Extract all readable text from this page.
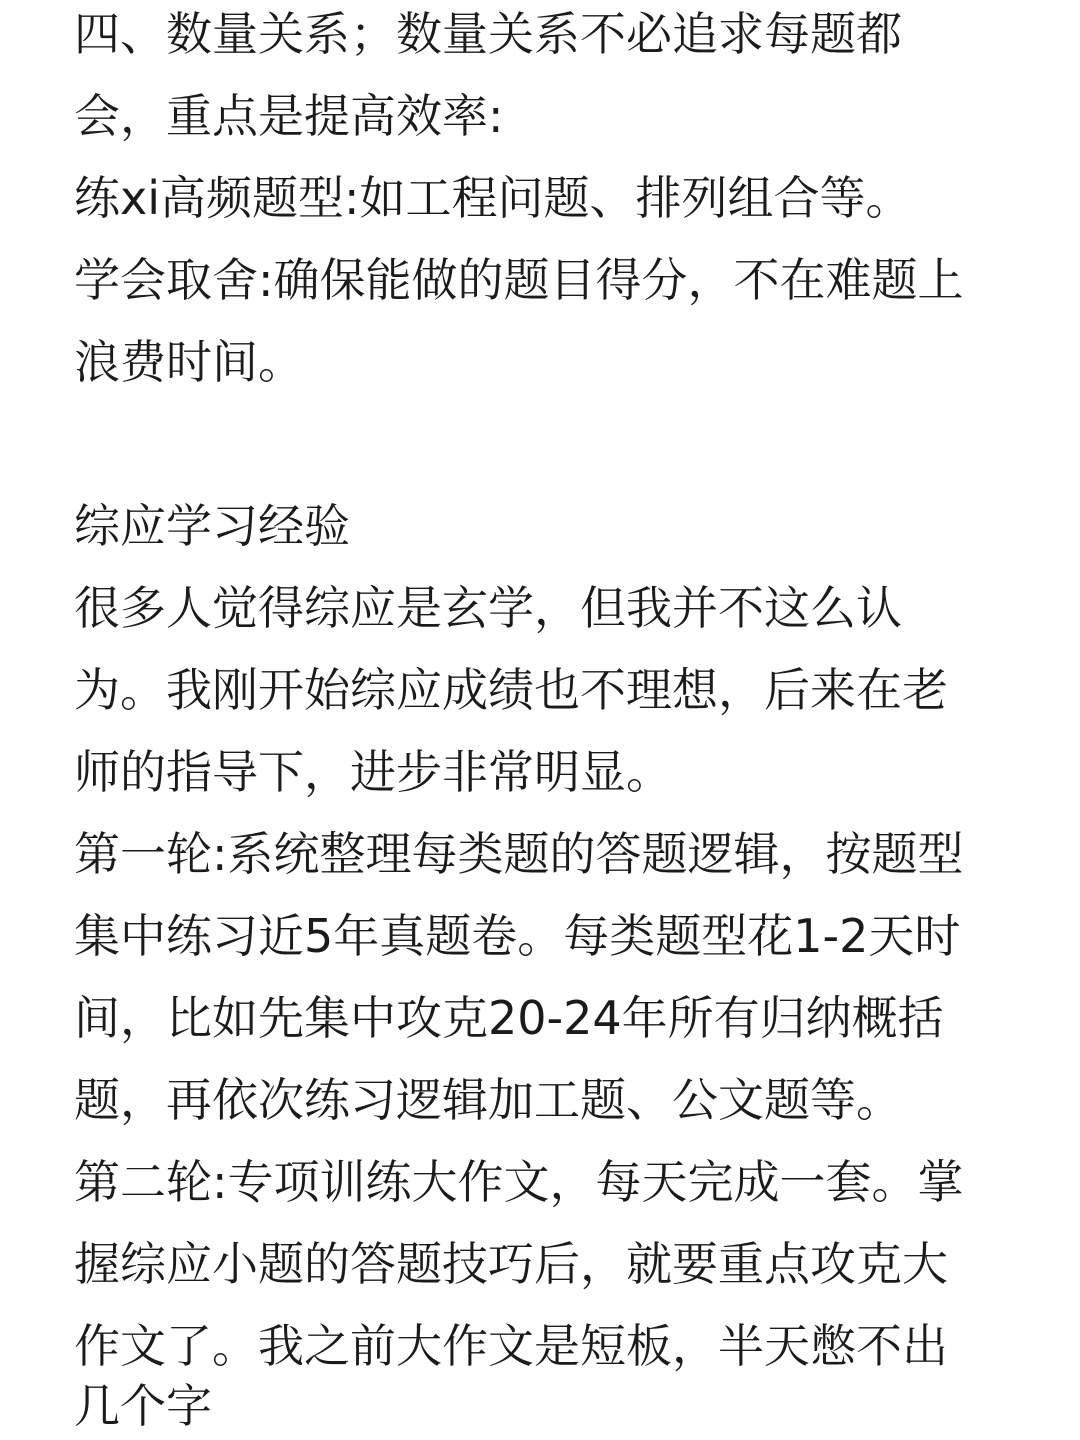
四、数量关系；数量关系不必追求每题都
会，重点是提高效率:
练xi高频题型:如工程问题、排列组合等。
学会取舍:确保能做的题目得分，不在难题上
浪费时间。
综应学习经验
很多人觉得综应是玄学，但我并不这么认
为。我刚开始综应成绩也不理想，后来在老
师的指导下，进步非常明显。
第一轮:系统整理每类题的答题逻辑，按题型
集中练习近5年真题卷。每类题型花1-2天时
间，比如先集中攻克20-24年所有归纳概括
题，再依次练习逻辑加工题、公文题等。
第二轮:专项训练大作文，每天完成一套。掌
握综应小题的答题技巧后，就要重点攻克大
作文了。我之前大作文是短板，半天憋不出
几个字
